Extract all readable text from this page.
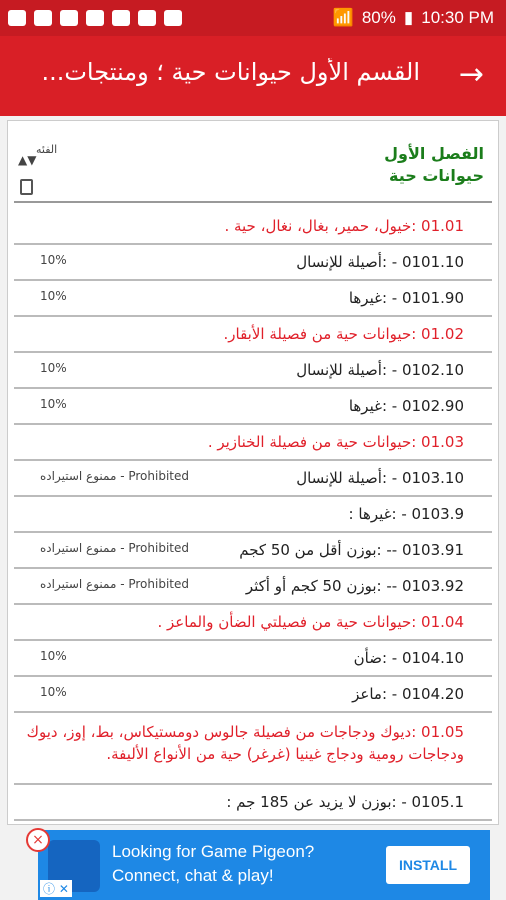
📶 80% ▮ 10:30 PM
→
القسم الأول حيوانات حية ؛ ومنتجات...
الفصل الأول
حيوانات حية
الفئه
▲▼
01.01 :خيول، حمير، بغال، نغال، حية .
0101.10 - :أصيلة للإنسال
10%
0101.90 - :غيرها
10%
01.02 :حيوانات حية من فصيلة الأبقار.
0102.10 - :أصيلة للإنسال
10%
0102.90 - :غيرها
10%
01.03 :حيوانات حية من فصيلة الخنازير .
0103.10 - :أصيلة للإنسال
ممنوع استيراده - Prohibited
0103.9 - :غيرها :
0103.91 -- :بوزن أقل من 50 كجم
ممنوع استيراده - Prohibited
0103.92 -- :بوزن 50 كجم أو أكثر
ممنوع استيراده - Prohibited
01.04 :حيوانات حية من فصيلتي الضأن والماعز .
0104.10 - :ضأن
10%
0104.20 - :ماعز
10%
01.05 :ديوك ودجاجات من فصيلة جالوس دومستيكاس، بط، إوز، ديوك ودجاجات رومية ودجاج غينيا (غرغر) حية من الأنواع الأليفة.
0105.1 - :بوزن لا يزيد عن 185 جم :
Looking for Game Pigeon?
Connect, chat & play!
INSTALL
×
ⓘ ✕
